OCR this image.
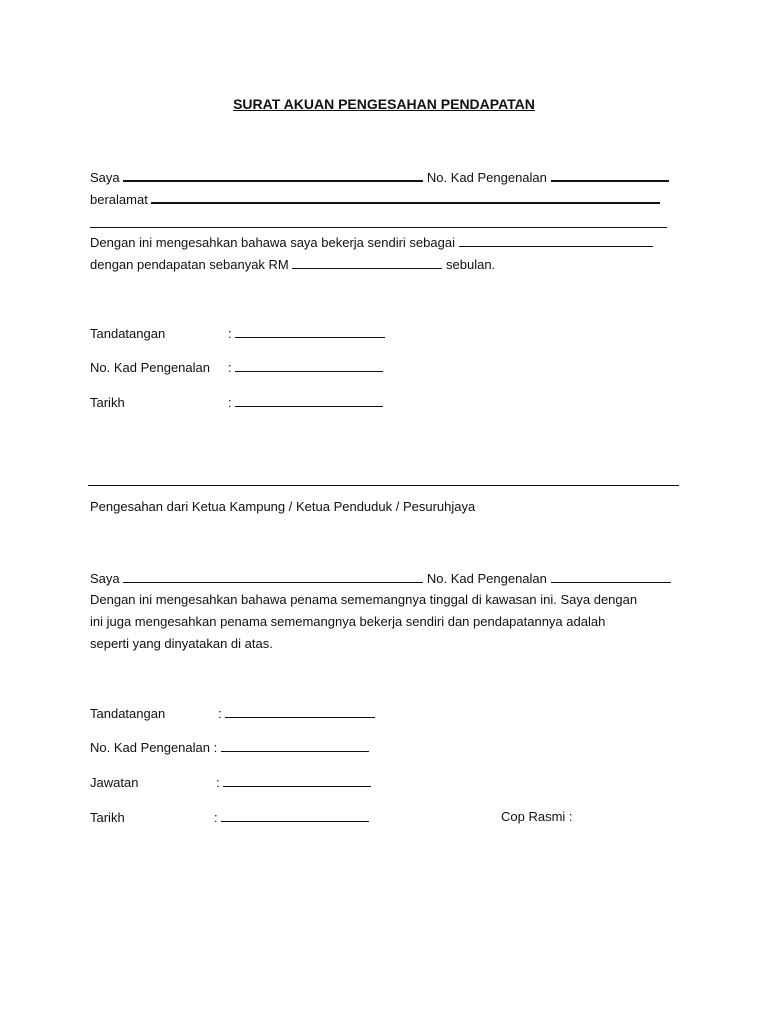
SURAT AKUAN PENGESAHAN PENDAPATAN
Saya	No. Kad Pengenalan
beralamat
Dengan ini mengesahkan bahawa saya bekerja sendiri sebagai
dengan pendapatan sebanyak RM	sebulan.
Tandatangan	:
No. Kad Pengenalan :
Tarikh	:
Pengesahan dari Ketua Kampung / Ketua Penduduk / Pesuruhjaya
Saya	No. Kad Pengenalan
Dengan ini mengesahkan bahawa penama sememangnya tinggal di kawasan ini. Saya dengan
ini juga mengesahkan penama sememangnya bekerja sendiri dan pendapatannya adalah
seperti yang dinyatakan di atas.
Tandatangan	:
No. Kad Pengenalan :
Jawatan	:
Tarikh	:	Cop Rasmi :
